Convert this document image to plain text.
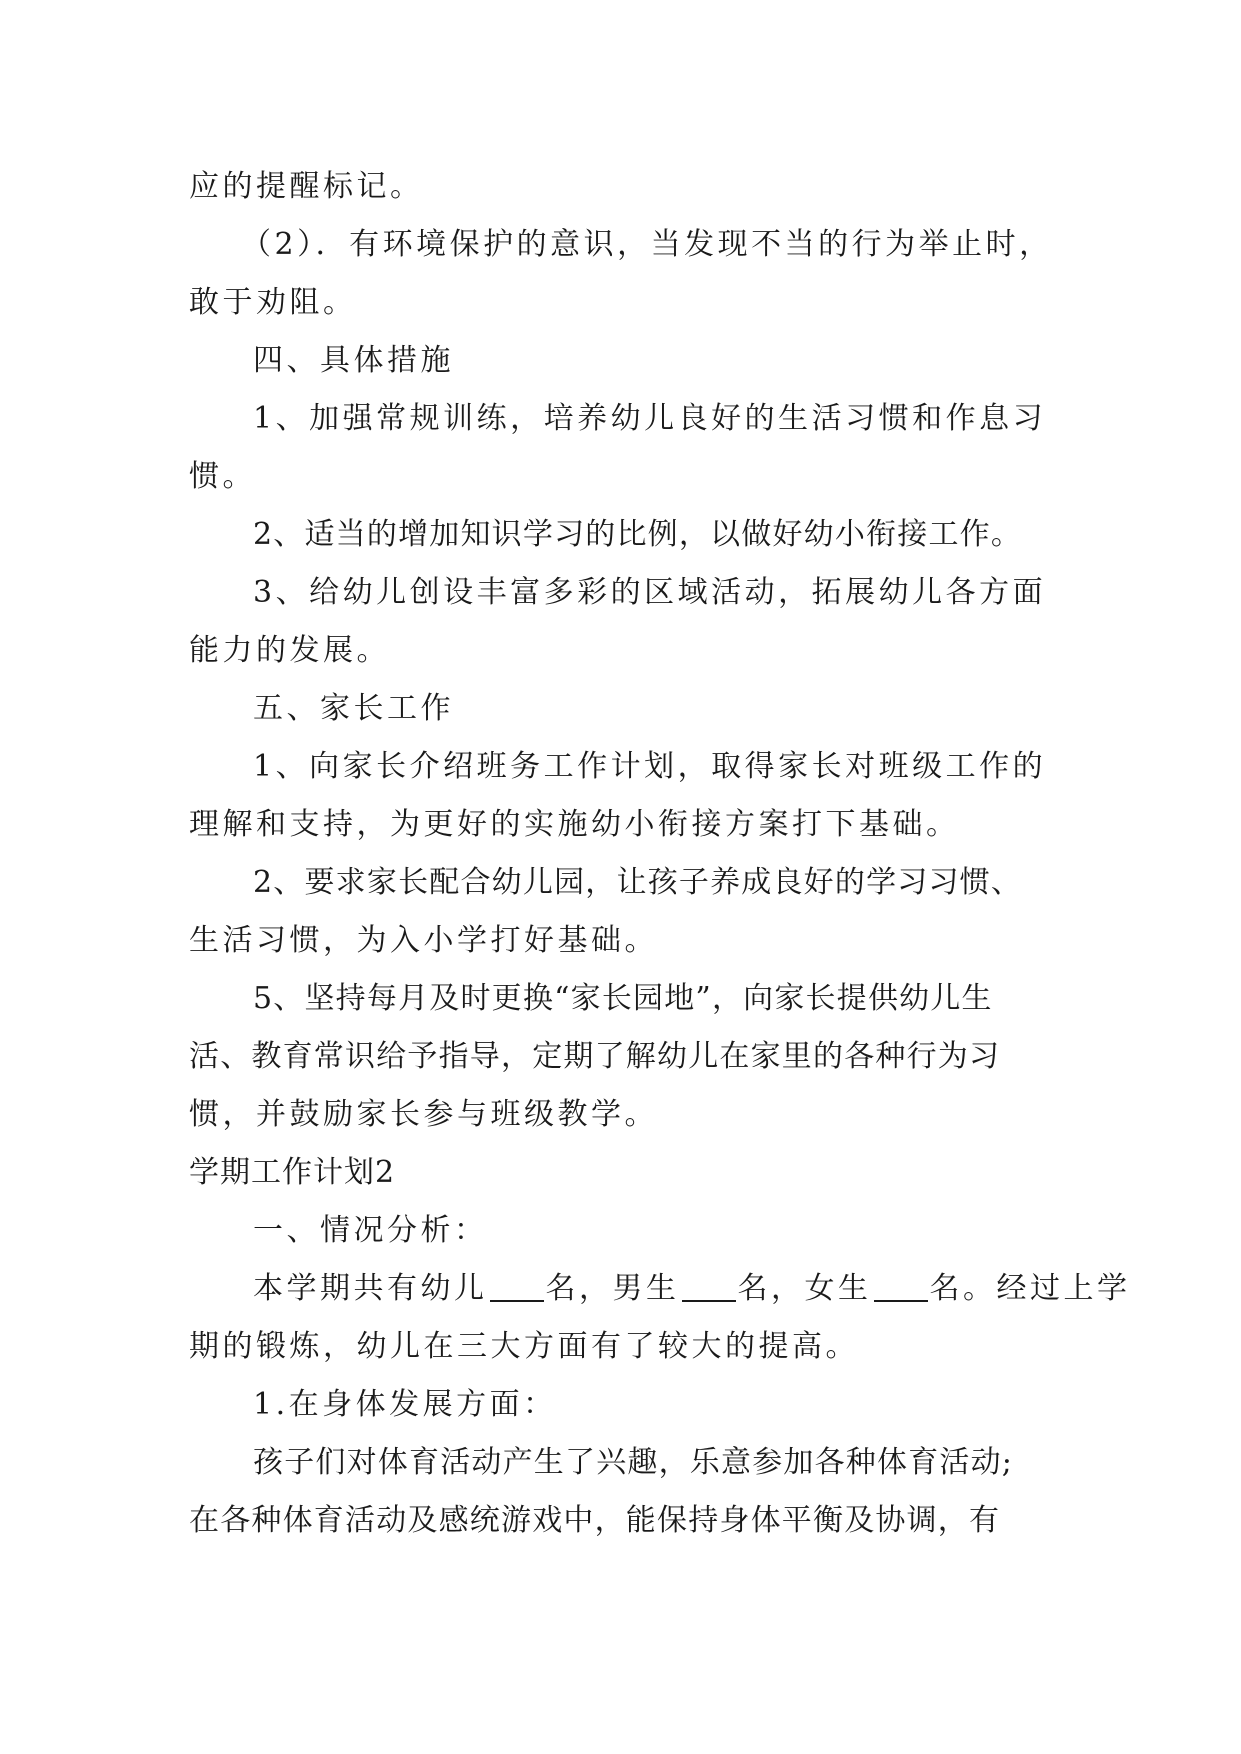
应的提醒标记。
（2）．有环境保护的意识，当发现不当的行为举止时，
敢于劝阻。
四、具体措施
1、加强常规训练，培养幼儿良好的生活习惯和作息习
惯。
2、适当的增加知识学习的比例，以做好幼小衔接工作。
3、给幼儿创设丰富多彩的区域活动，拓展幼儿各方面
能力的发展。
五、家长工作
1、向家长介绍班务工作计划，取得家长对班级工作的
理解和支持，为更好的实施幼小衔接方案打下基础。
2、要求家长配合幼儿园，让孩子养成良好的学习习惯、
生活习惯，为入小学打好基础。
5、坚持每月及时更换“家长园地”，向家长提供幼儿生
活、教育常识给予指导，定期了解幼儿在家里的各种行为习
惯，并鼓励家长参与班级教学。
学期工作计划2
一、情况分析：
本学期共有幼儿 名，男生 名，女生 名。经过上学
期的锻炼，幼儿在三大方面有了较大的提高。
1.在身体发展方面：
孩子们对体育活动产生了兴趣，乐意参加各种体育活动;
在各种体育活动及感统游戏中，能保持身体平衡及协调，有
